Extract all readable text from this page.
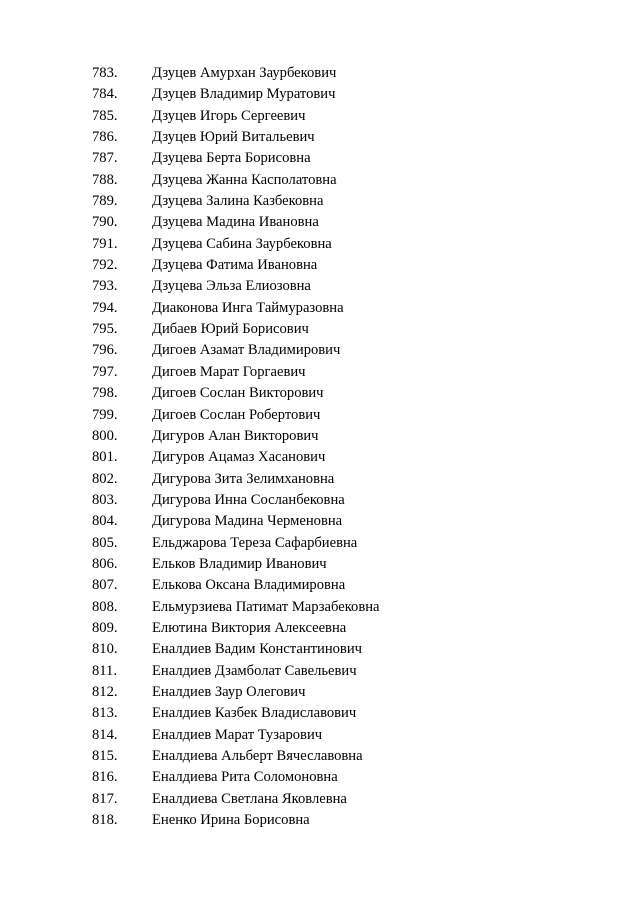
783. Дзуцев Амурхан Заурбекович
784. Дзуцев Владимир Муратович
785. Дзуцев Игорь Сергеевич
786. Дзуцев Юрий Витальевич
787. Дзуцева Берта Борисовна
788. Дзуцева Жанна Касполатовна
789. Дзуцева Залина Казбековна
790. Дзуцева Мадина Ивановна
791. Дзуцева Сабина Заурбековна
792. Дзуцева Фатима Ивановна
793. Дзуцева Эльза Елиозовна
794. Диаконова Инга Таймуразовна
795. Дибаев Юрий Борисович
796. Дигоев Азамат Владимирович
797. Дигоев Марат Горгаевич
798. Дигоев Сослан Викторович
799. Дигоев Сослан Робертович
800. Дигуров Алан Викторович
801. Дигуров Ацамаз Хасанович
802. Дигурова Зита Зелимхановна
803. Дигурова Инна Сосланбековна
804. Дигурова Мадина Черменовна
805. Ельджарова Тереза Сафарбиевна
806. Ельков Владимир Иванович
807. Елькова Оксана Владимировна
808. Ельмурзиева Патимат Марзабековна
809. Елютина Виктория Алексеевна
810. Еналдиев Вадим Константинович
811. Еналдиев Дзамболат Савельевич
812. Еналдиев Заур Олегович
813. Еналдиев Казбек Владиславович
814. Еналдиев Марат Тузарович
815. Еналдиева Альберт Вячеславовна
816. Еналдиева Рита Соломоновна
817. Еналдиева Светлана Яковлевна
818. Ененко Ирина Борисовна
